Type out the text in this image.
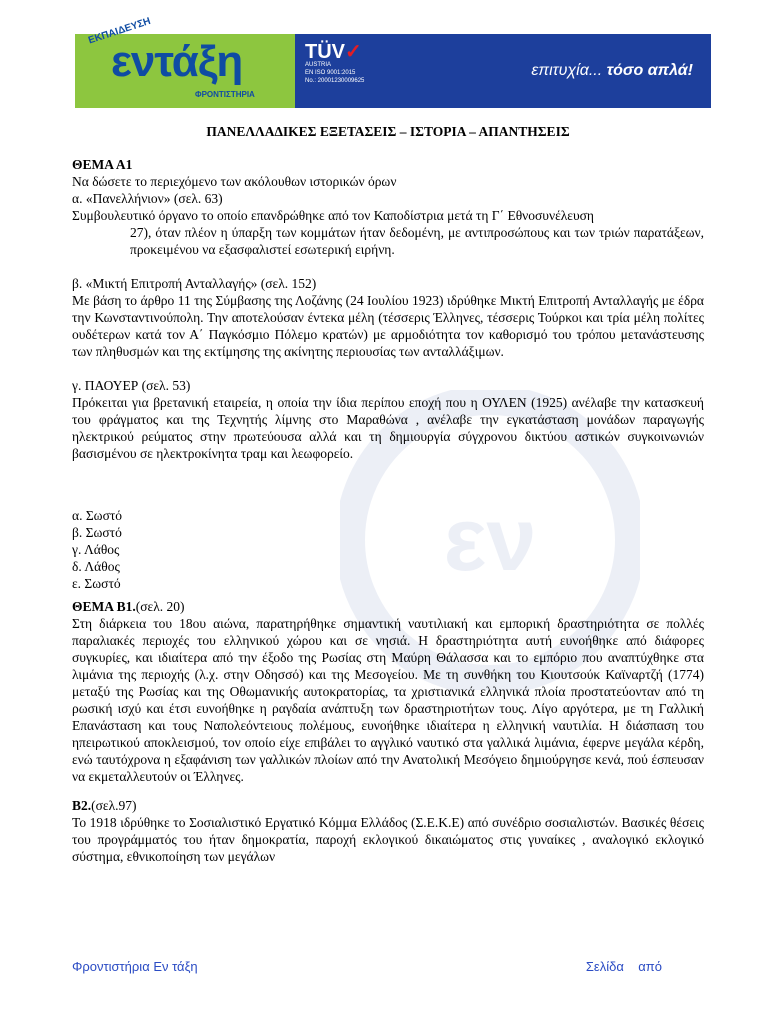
ΕΚΠΑΙΔΕΥΣΗ
εντάξη
ΦΡΟΝΤΙΣΤΗΡΙΑ
TÜV✓
AUSTRIA
EN ISO 9001:2015
No.: 20001230009625
επιτυχία... τόσο απλά!
εν
ΠΑΝΕΛΛΑΔΙΚΕΣ ΕΞΕΤΑΣΕΙΣ – ΙΣΤΟΡΙΑ – ΑΠΑΝΤΗΣΕΙΣ

ΘΕΜΑ Α1

Να δώσετε το περιεχόμενο των ακόλουθων ιστορικών όρων

α. «Πανελλήνιον» (σελ. 63)

Συμβουλευτικό όργανο το οποίο επανδρώθηκε από τον Καποδίστρια μετά τη Γ΄ Εθνοσυνέλευση

27), όταν πλέον η ύπαρξη των κομμάτων ήταν δεδομένη, με αντιπροσώπους και των τριών παρατάξεων, προκειμένου να εξασφαλιστεί εσωτερική ειρήνη.

β. «Μικτή Επιτροπή Ανταλλαγής» (σελ. 152)

Με βάση το άρθρο 11 της Σύμβασης της Λοζάνης (24 Ιουλίου 1923) ιδρύθηκε Μικτή Επιτροπή Ανταλλαγής με έδρα την Κωνσταντινούπολη. Την αποτελούσαν έντεκα μέλη (τέσσερις Έλληνες, τέσσερις Τούρκοι και τρία μέλη πολίτες ουδέτερων κατά τον Α΄ Παγκόσμιο Πόλεμο κρατών) με αρμοδιότητα τον καθορισμό του τρόπου μετανάστευσης των πληθυσμών και της εκτίμησης της ακίνητης περιουσίας των ανταλλάξιμων.

γ. ΠΑΟΥΕΡ (σελ. 53)

Πρόκειται για βρετανική εταιρεία, η οποία την ίδια περίπου εποχή που η ΟΥΛΕΝ (1925) ανέλαβε την κατασκευή του φράγματος και της Τεχνητής λίμνης στο Μαραθώνα , ανέλαβε την εγκατάσταση μονάδων παραγωγής ηλεκτρικού ρεύματος στην πρωτεύουσα αλλά και τη δημιουργία σύγχρονου δικτύου αστικών συγκοινωνιών βασισμένου σε ηλεκτροκίνητα τραμ και λεωφορείο.

α. Σωστό

β. Σωστό

γ. Λάθος

δ. Λάθος

ε. Σωστό

ΘΕΜΑ Β1.(σελ. 20)

Στη διάρκεια του 18ου αιώνα, παρατηρήθηκε σημαντική ναυτιλιακή και εμπορική δραστηριότητα σε πολλές παραλιακές περιοχές του ελληνικού χώρου και σε νησιά. Η δραστηριότητα αυτή ευνοήθηκε από διάφορες συγκυρίες, και ιδιαίτερα από την έξοδο της Ρωσίας στη Μαύρη Θάλασσα και το εμπόριο που αναπτύχθηκε στα λιμάνια της περιοχής (λ.χ. στην Οδησσό) και της Μεσογείου. Με τη συνθήκη του Κιουτσούκ Καϊναρτζή (1774) μεταξύ της Ρωσίας και της Οθωμανικής αυτοκρατορίας, τα χριστιανικά ελληνικά πλοία προστατεύονταν από τη ρωσική ισχύ και έτσι ευνοήθηκε η ραγδαία ανάπτυξη των δραστηριοτήτων τους. Λίγο αργότερα, με τη Γαλλική Επανάσταση και τους Ναπολεόντειους πολέμους, ευνοήθηκε ιδιαίτερα η ελληνική ναυτιλία. Η διάσπαση του ηπειρωτικού αποκλεισμού, τον οποίο είχε επιβάλει το αγγλικό ναυτικό στα γαλλικά λιμάνια, έφερνε μεγάλα κέρδη, ενώ ταυτόχρονα η εξαφάνιση των γαλλικών πλοίων από την Ανατολική Μεσόγειο δημιούργησε κενά, πού έσπευσαν να εκμεταλλευτούν οι Έλληνες.

Β2.(σελ.97)

Το 1918 ιδρύθηκε το Σοσιαλιστικό Εργατικό Κόμμα Ελλάδος (Σ.Ε.Κ.Ε) από συνέδριο σοσιαλιστών. Βασικές θέσεις του προγράμματός του ήταν δημοκρατία, παροχή εκλογικού δικαιώματος στις γυναίκες , αναλογικό εκλογικό σύστημα, εθνικοποίηση των μεγάλων

Φροντιστήρια Εν τάξη	Σελίδα    από
